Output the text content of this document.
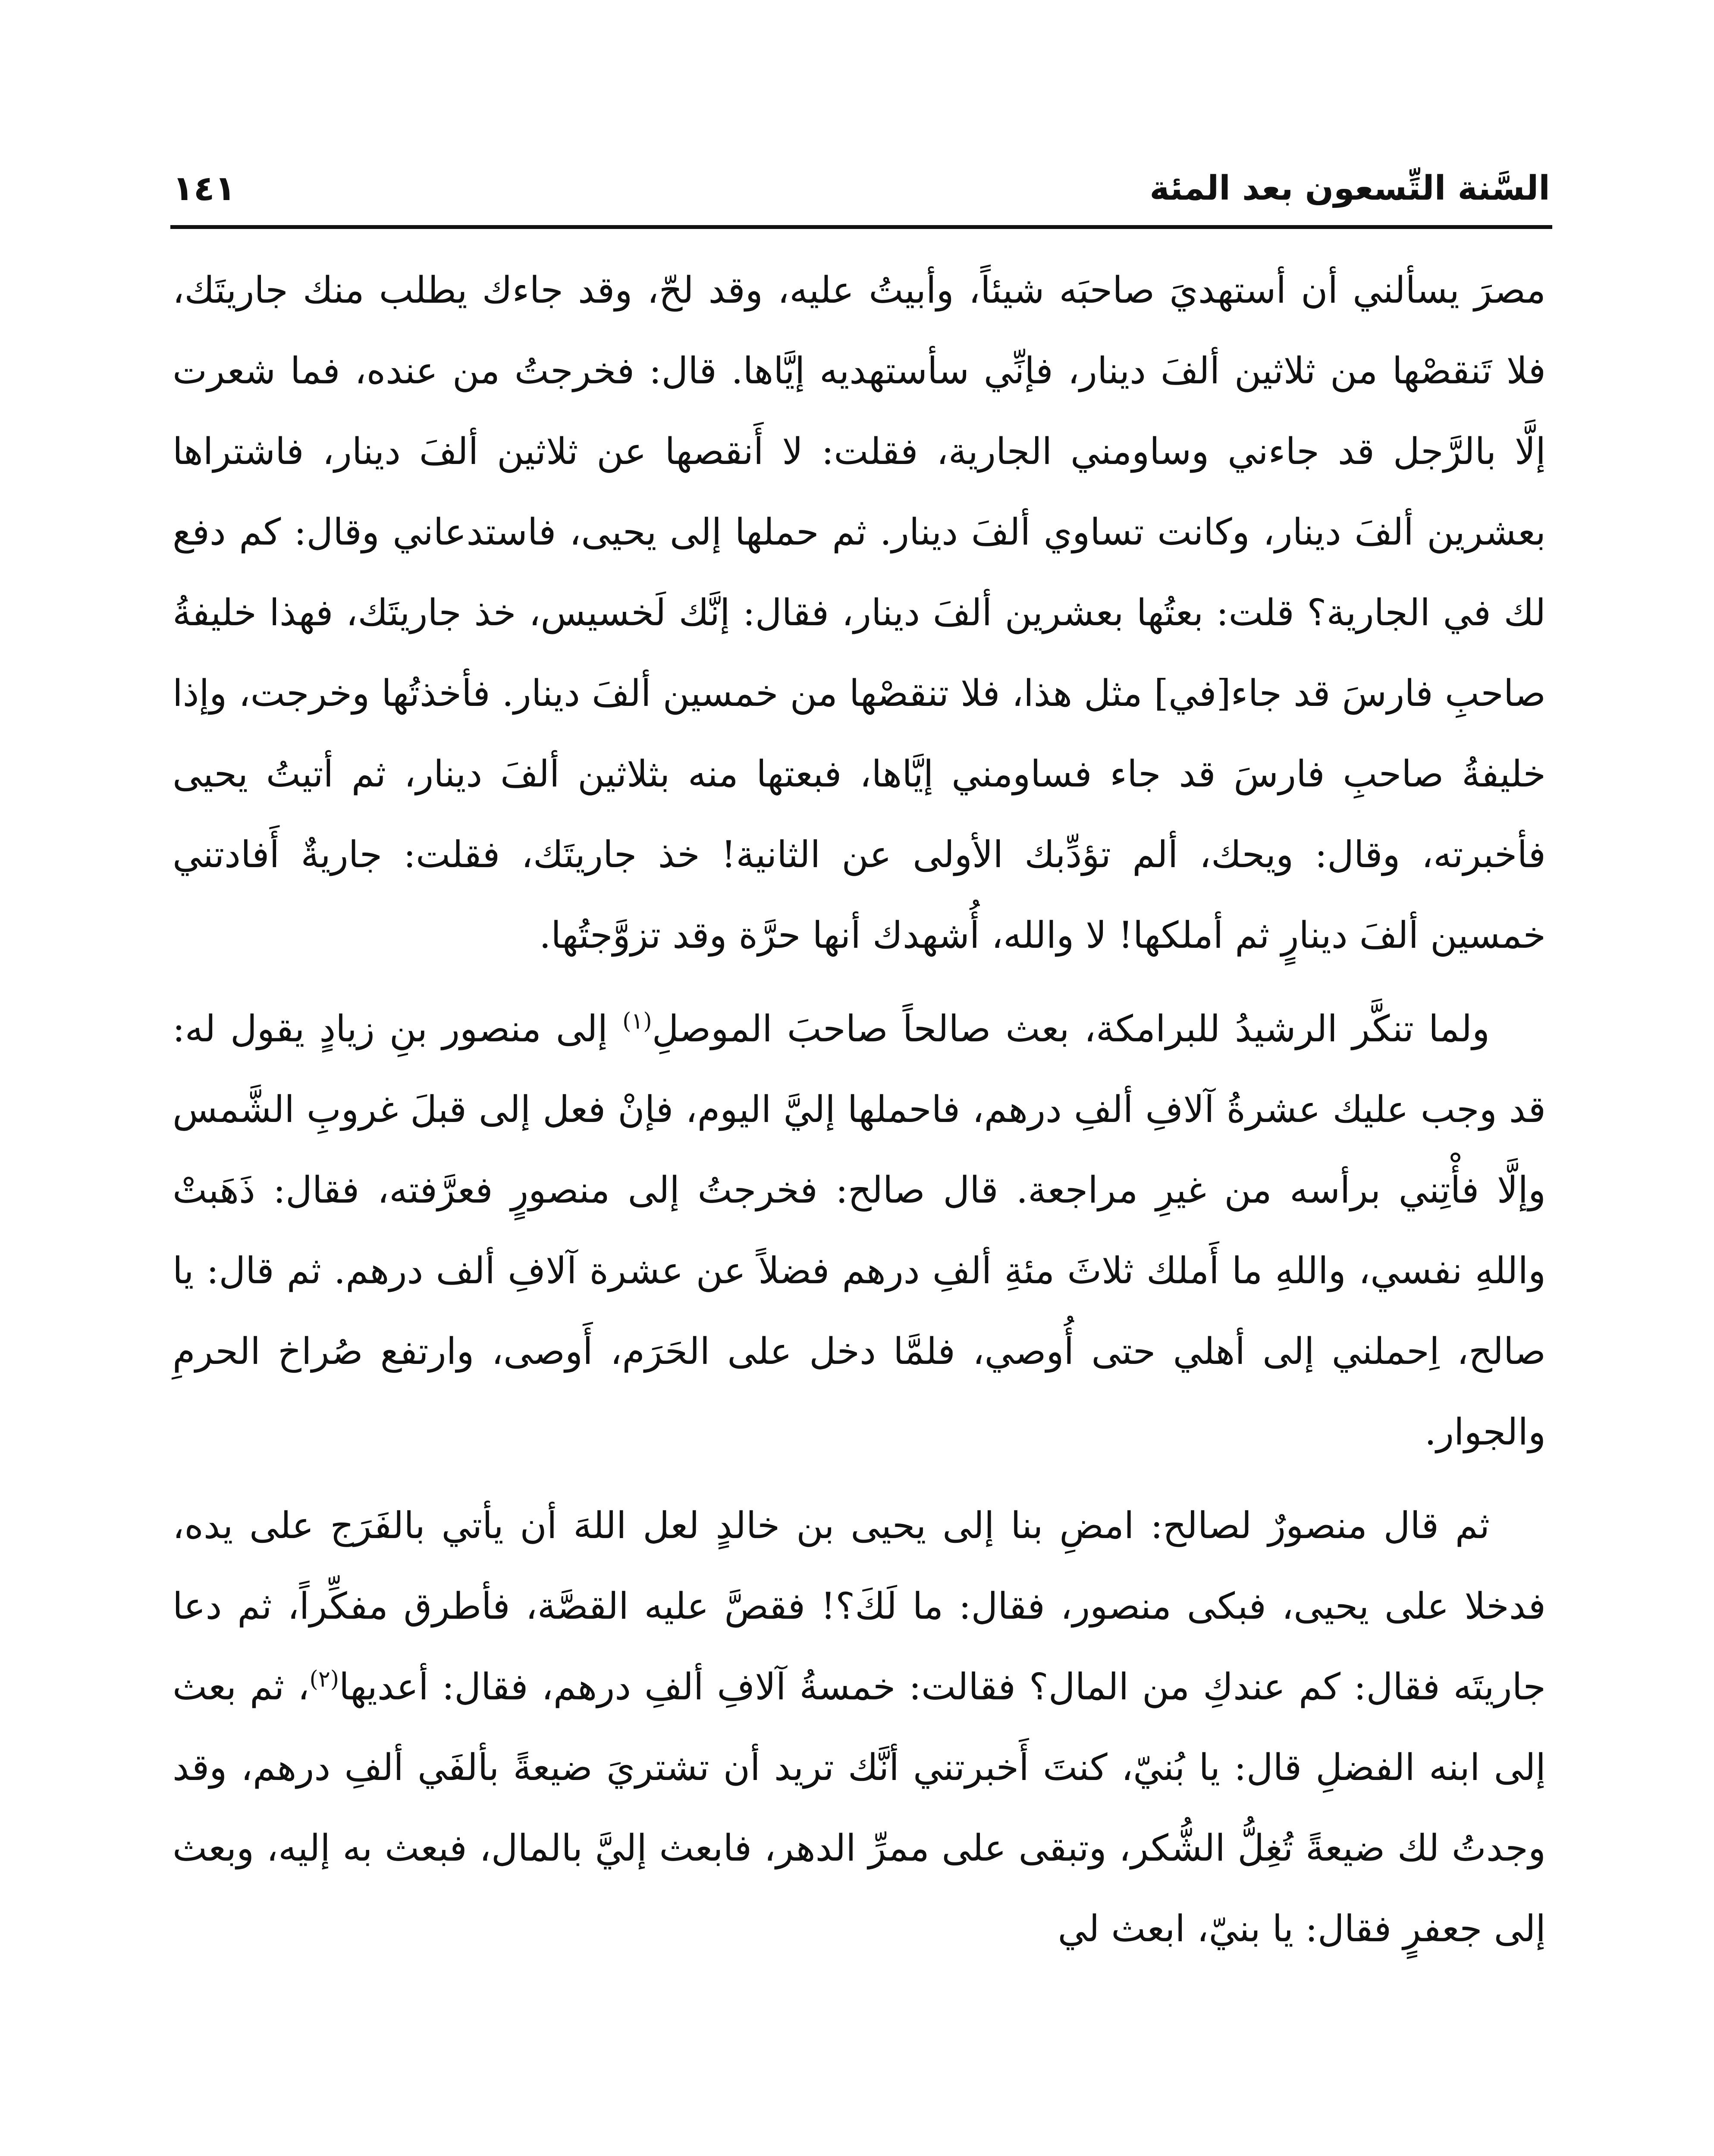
السَّنة التِّسعون بعد المئة
١٤١

مصرَ يسألني أن أستهديَ صاحبَه شيئاً، وأبيتُ عليه، وقد لحّ، وقد جاءك يطلب منك جاريتَك، فلا تَنقصْها من ثلاثين ألفَ دينار، فإنِّي سأستهديه إيَّاها. قال: فخرجتُ من عنده، فما شعرت إلَّا بالرَّجل قد جاءني وساومني الجارية، فقلت: لا أَنقصها عن ثلاثين ألفَ دينار، فاشتراها بعشرين ألفَ دينار، وكانت تساوي ألفَ دينار. ثم حملها إلى يحيى، فاستدعاني وقال: كم دفع لك في الجارية؟ قلت: بعتُها بعشرين ألفَ دينار، فقال: إنَّك لَخسيس، خذ جاريتَك، فهذا خليفةُ صاحبِ فارسَ قد جاء[في] مثل هذا، فلا تنقصْها من خمسين ألفَ دينار. فأخذتُها وخرجت، وإذا خليفةُ صاحبِ فارسَ قد جاء فساومني إيَّاها، فبعتها منه بثلاثين ألفَ دينار، ثم أتيتُ يحيى فأخبرته، وقال: ويحك، ألم تؤدِّبك الأولى عن الثانية! خذ جاريتَك، فقلت: جاريةٌ أَفادتني خمسين ألفَ دينارٍ ثم أملكها! لا والله، أُشهدك أنها حرَّة وقد تزوَّجتُها.

ولما تنكَّر الرشيدُ للبرامكة، بعث صالحاً صاحبَ الموصلِ$^{(١)}$ إلى منصور بنِ زيادٍ يقول له: قد وجب عليك عشرةُ آلافِ ألفِ درهم، فاحملها إليَّ اليوم، فإنْ فعل إلى قبلَ غروبِ الشَّمس وإلَّا فأْتِني برأسه من غيرِ مراجعة. قال صالح: فخرجتُ إلى منصورٍ فعرَّفته، فقال: ذَهَبتْ واللهِ نفسي، واللهِ ما أَملك ثلاثَ مئةِ ألفِ درهم فضلاً عن عشرة آلافِ ألف درهم. ثم قال: يا صالح، اِحملني إلى أهلي حتى أُوصي، فلمَّا دخل على الحَرَم، أَوصى، وارتفع صُراخ الحرمِ والجوار.

ثم قال منصورٌ لصالح: امضِ بنا إلى يحيى بن خالدٍ لعل اللهَ أن يأتي بالفَرَج على يده، فدخلا على يحيى، فبكى منصور، فقال: ما لَكَ؟! فقصَّ عليه القصَّة، فأطرق مفكِّراً، ثم دعا جاريتَه فقال: كم عندكِ من المال؟ فقالت: خمسةُ آلافِ ألفِ درهم، فقال: أعديها$^{(٢)}$، ثم بعث إلى ابنه الفضلِ قال: يا بُنيّ، كنتَ أَخبرتني أنَّك تريد أن تشتريَ ضيعةً بألفَي ألفِ درهم، وقد وجدتُ لك ضيعةً تُغِلُّ الشُّكر، وتبقى على ممرِّ الدهر، فابعث إليَّ بالمال، فبعث به إليه، وبعث إلى جعفرٍ فقال: يا بنيّ، ابعث لي
